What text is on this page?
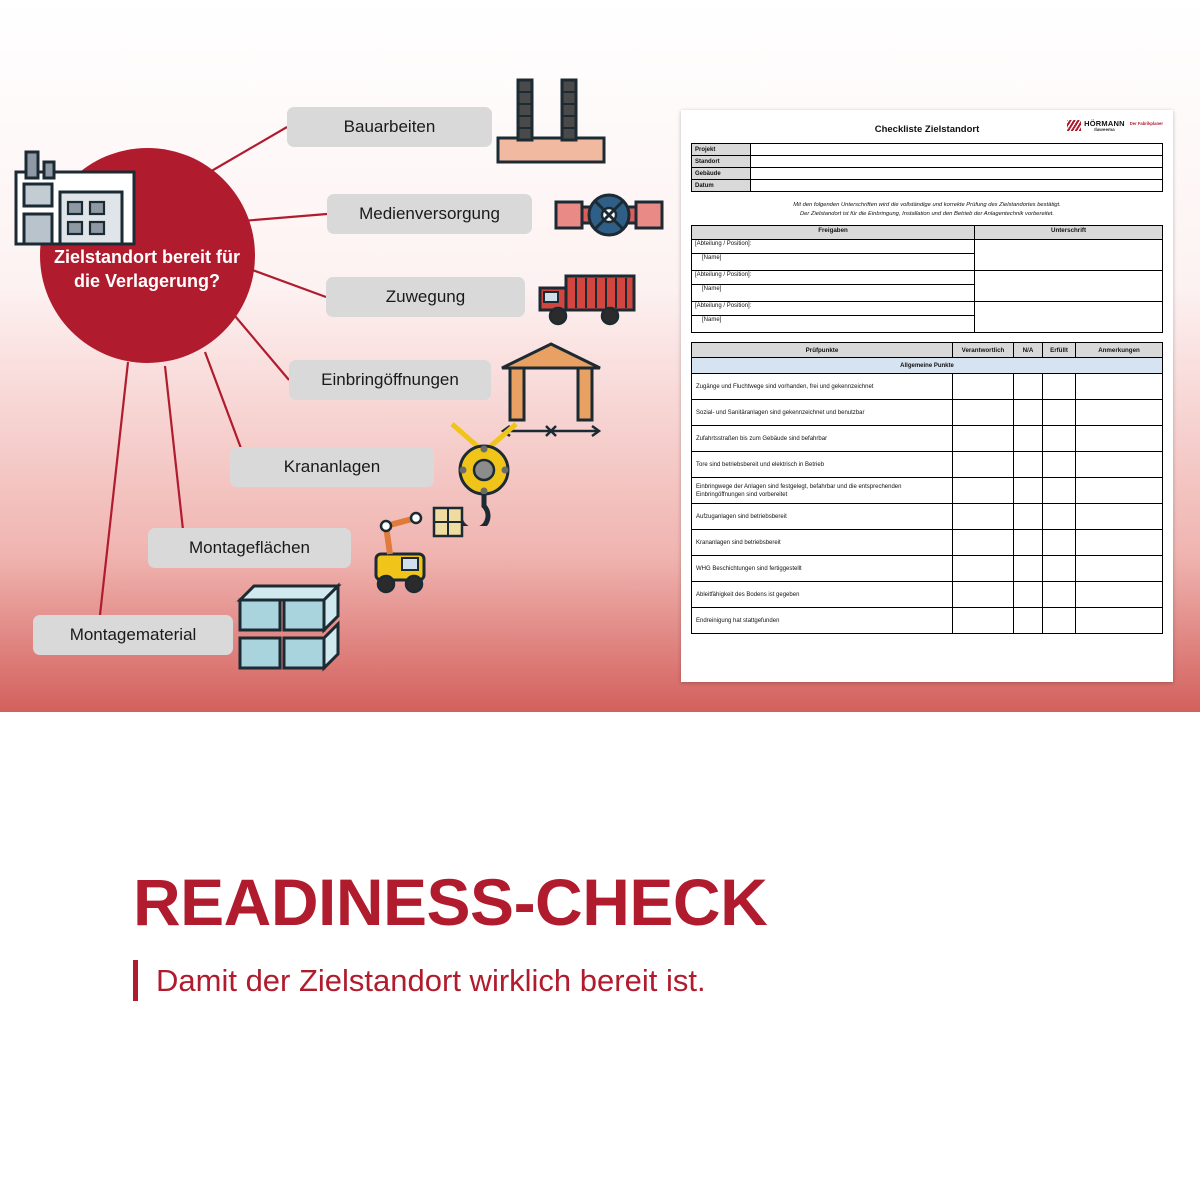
Zielstandort bereit für die Verlagerung?
Bauarbeiten
Medienversorgung
Zuwegung
Einbringöffnungen
Krananlagen
Montageflächen
Montagematerial
Checkliste Zielstandort
HÖRMANN
Ilaweema
Der Fabrikplaner
Projekt	
Standort	
Gebäude	
Datum	
Mit den folgenden Unterschriften wird die vollständige und korrekte Prüfung des Zielstandortes bestätigt.
Der Zielstandort ist für die Einbringung, Installation und den Betrieb der Anlagentechnik vorbereitet.
Freigaben	Unterschrift
[Abteilung / Position]:	
[Name]	
[Abteilung / Position]:	
[Name]	
[Abteilung / Position]:	
[Name]	
Prüfpunkte	Verantwortlich	N/A	Erfüllt	Anmerkungen
Allgemeine Punkte				
Zugänge und Fluchtwege sind vorhanden, frei und gekennzeichnet				
Sozial- und Sanitäranlagen sind gekennzeichnet und benutzbar				
Zufahrtsstraßen bis zum Gebäude sind befahrbar				
Tore sind betriebsbereit und elektrisch in Betrieb				
Einbringwege der Anlagen sind festgelegt, befahrbar und die entsprechenden Einbringöffnungen sind vorbereitet				
Aufzuganlagen sind betriebsbereit				
Krananlagen sind betriebsbereit				
WHG Beschichtungen sind fertiggestellt				
Ableitfähigkeit des Bodens ist gegeben				
Endreinigung hat stattgefunden				
READINESS-CHECK
Damit der Zielstandort wirklich bereit ist.
